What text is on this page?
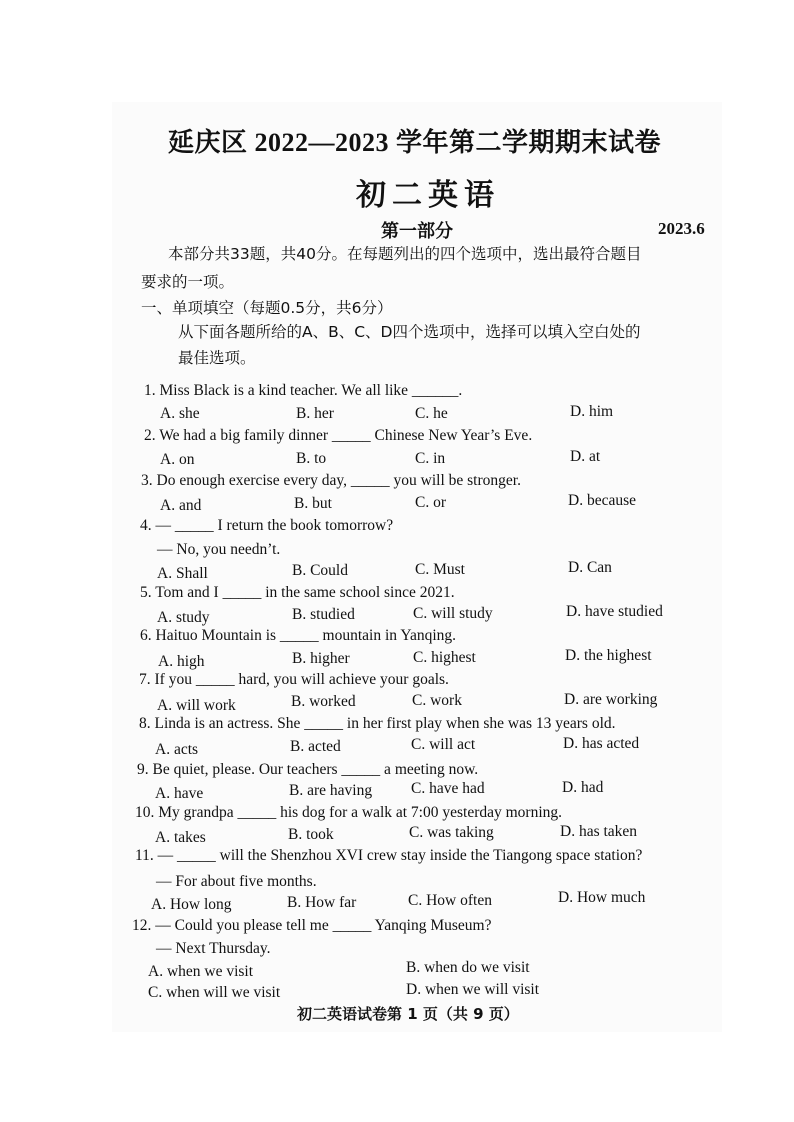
延庆区 2022—2023 学年第二学期期末试卷
初二英语
第一部分	2023.6
本部分共33题，共40分。在每题列出的四个选项中，选出最符合题目
要求的一项。
一、单项填空（每题0.5分，共6分）
从下面各题所给的A、B、C、D四个选项中，选择可以填入空白处的
最佳选项。
1. Miss Black is a kind teacher. We all like ______.
A. she	B. her	C. he	D. him
2. We had a big family dinner _____ Chinese New Year’s Eve.
A. on	B. to	C. in	D. at
3. Do enough exercise every day, _____ you will be stronger.
A. and	B. but	C. or	D. because
4. — _____ I return the book tomorrow?
— No, you needn’t.
A. Shall	B. Could	C. Must	D. Can
5. Tom and I _____ in the same school since 2021.
A. study	B. studied	C. will study	D. have studied
6. Haituo Mountain is _____ mountain in Yanqing.
A. high	B. higher	C. highest	D. the highest
7. If you _____ hard, you will achieve your goals.
A. will work	B. worked	C. work	D. are working
8. Linda is an actress. She _____ in her first play when she was 13 years old.
A. acts	B. acted	C. will act	D. has acted
9. Be quiet, please. Our teachers _____ a meeting now.
A. have	B. are having	C. have had	D. had
10. My grandpa _____ his dog for a walk at 7:00 yesterday morning.
A. takes	B. took	C. was taking	D. has taken
11. — _____ will the Shenzhou XVI crew stay inside the Tiangong space station?
— For about five months.
A. How long	B. How far	C. How often	D. How much
12. — Could you please tell me _____ Yanqing Museum?
— Next Thursday.
A. when we visit	B. when do we visit
C. when will we visit	D. when we will visit
初二英语试卷第 1 页（共 9 页）
